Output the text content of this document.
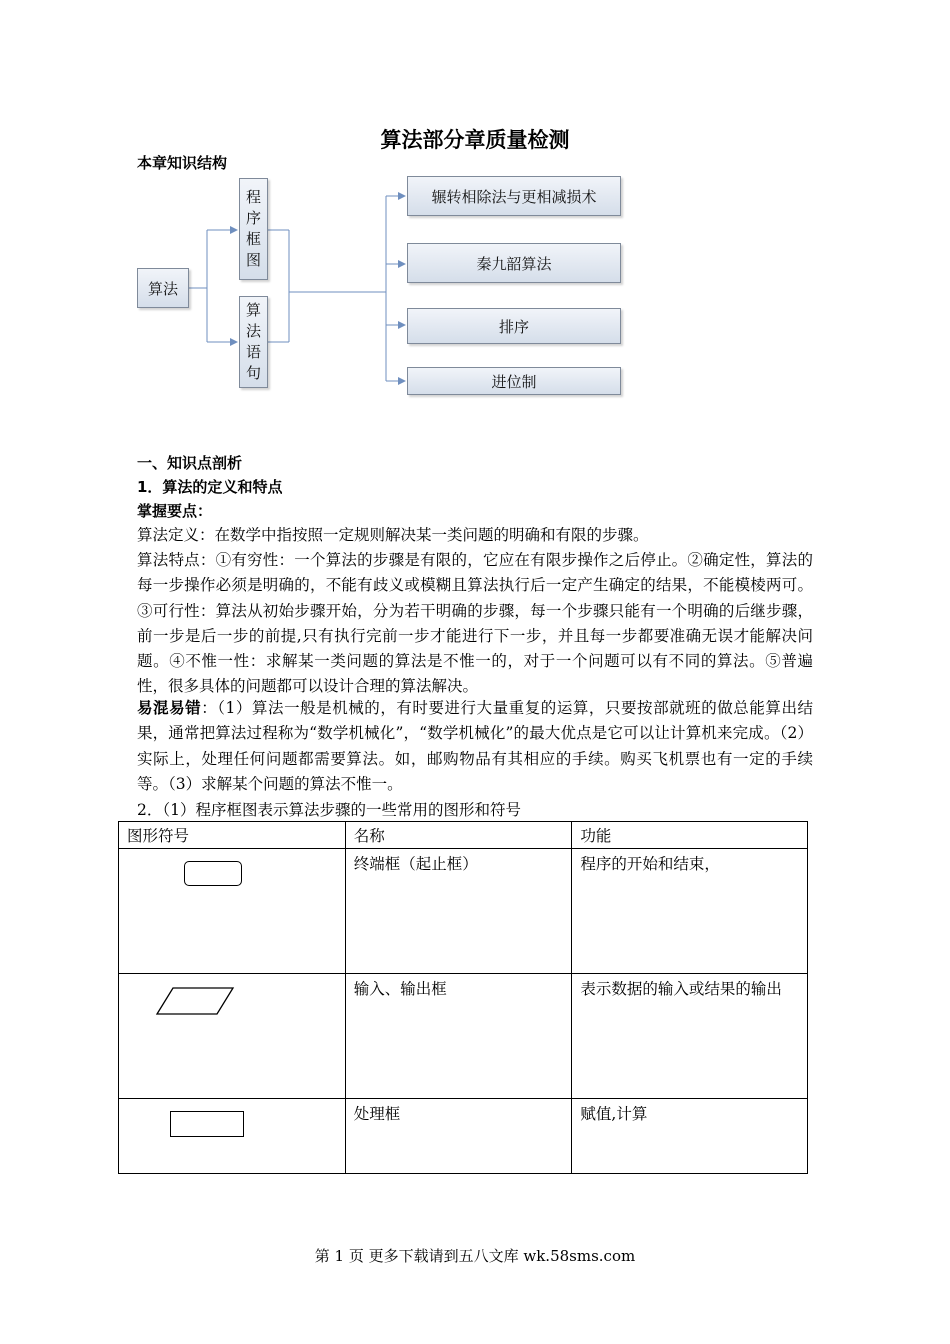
算法部分章质量检测
本章知识结构
算法
程序框图
算法语句
辗转相除法与更相减损术
秦九韶算法
排序
进位制
一、知识点剖析
1．算法的定义和特点
掌握要点：
算法定义：在数学中指按照一定规则解决某一类问题的明确和有限的步骤。
算法特点：①有穷性：一个算法的步骤是有限的，它应在有限步操作之后停止。②确定性，算法的每一步操作必须是明确的，不能有歧义或模糊且算法执行后一定产生确定的结果，不能模棱两可。③可行性：算法从初始步骤开始，分为若干明确的步骤，每一个步骤只能有一个明确的后继步骤，前一步是后一步的前提,只有执行完前一步才能进行下一步，并且每一步都要准确无误才能解决问题。④不惟一性：求解某一类问题的算法是不惟一的，对于一个问题可以有不同的算法。⑤普遍性，很多具体的问题都可以设计合理的算法解决。
易混易错：（1）算法一般是机械的，有时要进行大量重复的运算，只要按部就班的做总能算出结果，通常把算法过程称为“数学机械化”，“数学机械化”的最大优点是它可以让计算机来完成。（2）实际上，处理任何问题都需要算法。如，邮购物品有其相应的手续。购买飞机票也有一定的手续等。（3）求解某个问题的算法不惟一。
2．（1）程序框图表示算法步骤的一些常用的图形和符号
图形符号	名称	功能

	终端框（起止框）	程序的开始和结束，

	输入、输出框	表示数据的输入或结果的输出

	处理框	赋值,计算
第 1 页 更多下载请到五八文库 wk.58sms.com
